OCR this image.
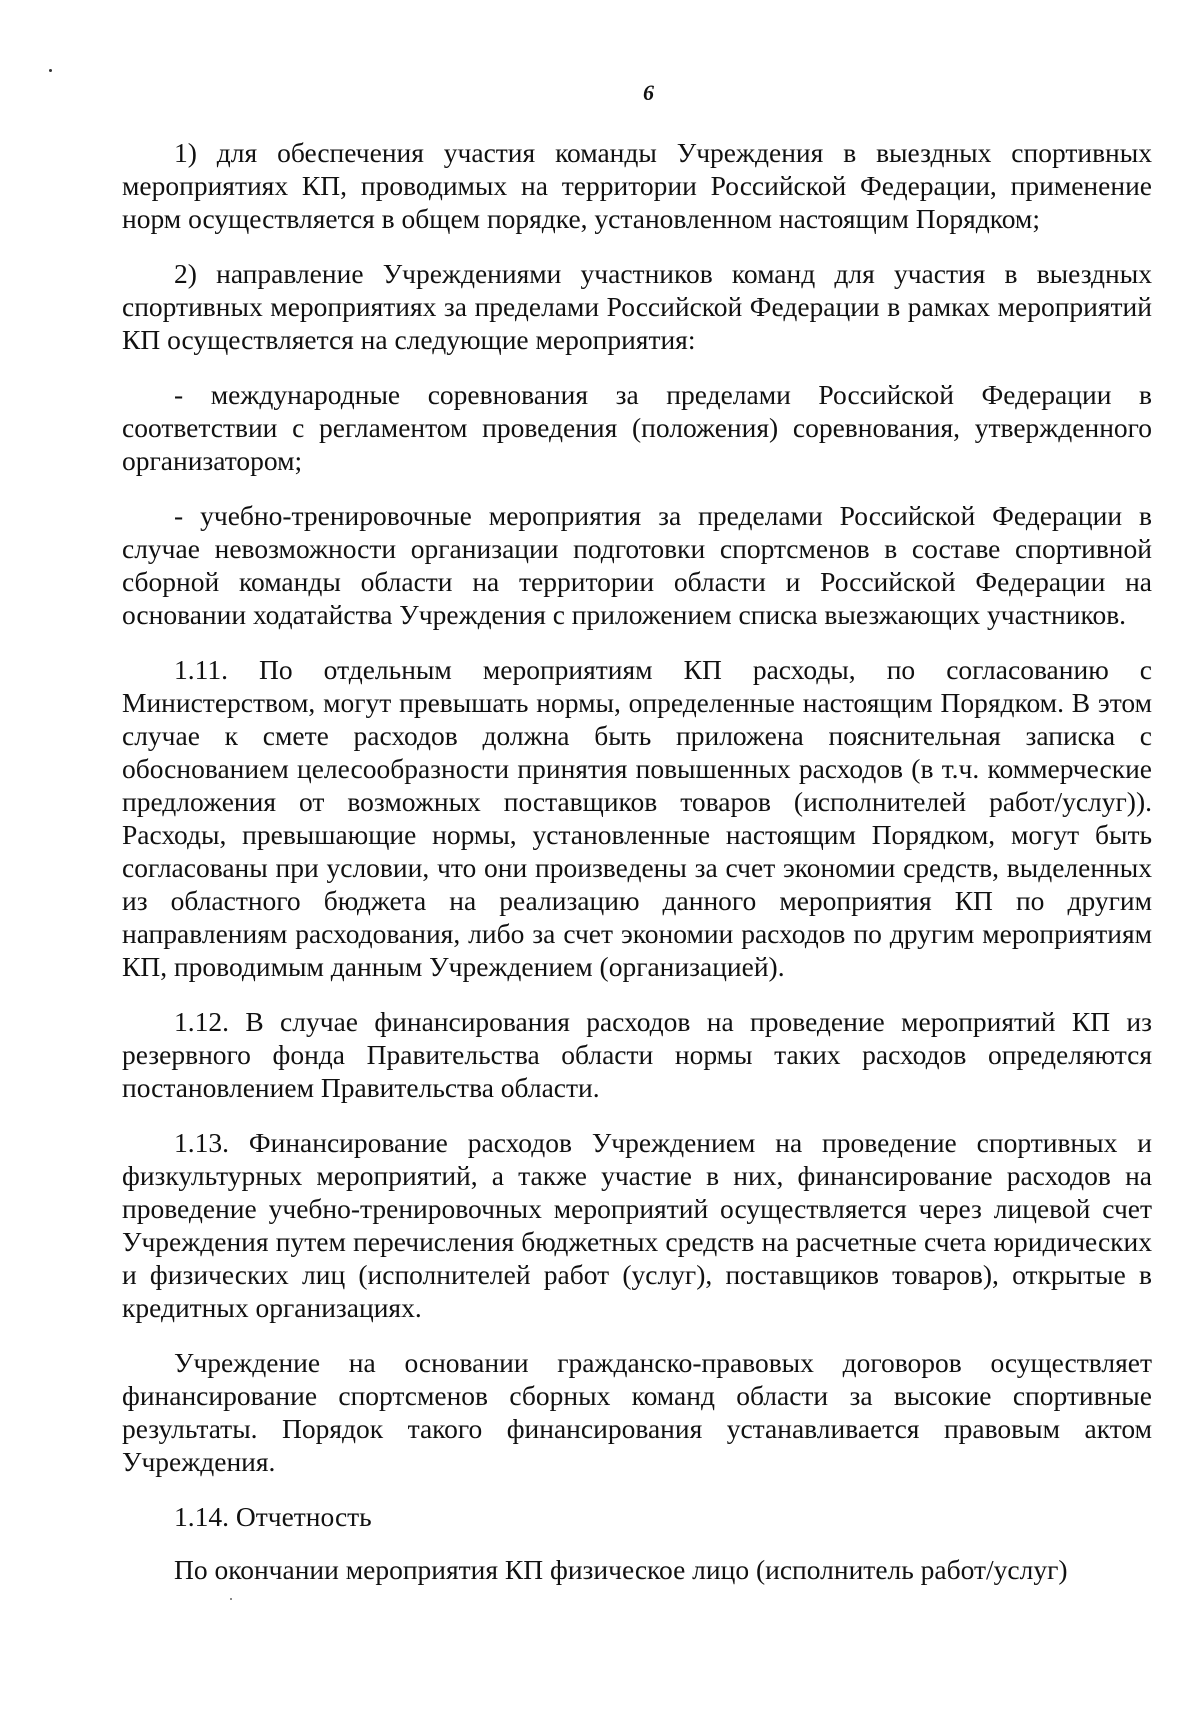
6

1) для обеспечения участия команды Учреждения в выездных спортивных мероприятиях КП, проводимых на территории Российской Федерации, применение норм осуществляется в общем порядке, установленном настоящим Порядком;

2) направление Учреждениями участников команд для участия в выездных спортивных мероприятиях за пределами Российской Федерации в рамках мероприятий КП осуществляется на следующие мероприятия:

- международные соревнования за пределами Российской Федерации в соответствии с регламентом проведения (положения) соревнования, утвержденного организатором;

- учебно-тренировочные мероприятия за пределами Российской Федерации в случае невозможности организации подготовки спортсменов в составе спортивной сборной команды области на территории области и Российской Федерации на основании ходатайства Учреждения с приложением списка выезжающих участников.

1.11. По отдельным мероприятиям КП расходы, по согласованию с Министерством, могут превышать нормы, определенные настоящим Порядком. В этом случае к смете расходов должна быть приложена пояснительная записка с обоснованием целесообразности принятия повышенных расходов (в т.ч. коммерческие предложения от возможных поставщиков товаров (исполнителей работ/услуг)). Расходы, превышающие нормы, установленные настоящим Порядком, могут быть согласованы при условии, что они произведены за счет экономии средств, выделенных из областного бюджета на реализацию данного мероприятия КП по другим направлениям расходования, либо за счет экономии расходов по другим мероприятиям КП, проводимым данным Учреждением (организацией).

1.12. В случае финансирования расходов на проведение мероприятий КП из резервного фонда Правительства области нормы таких расходов определяются постановлением Правительства области.

1.13. Финансирование расходов Учреждением на проведение спортивных и физкультурных мероприятий, а также участие в них, финансирование расходов на проведение учебно-тренировочных мероприятий осуществляется через лицевой счет Учреждения путем перечисления бюджетных средств на расчетные счета юридических и физических лиц (исполнителей работ (услуг), поставщиков товаров), открытые в кредитных организациях.

Учреждение на основании гражданско-правовых договоров осуществляет финансирование спортсменов сборных команд области за высокие спортивные результаты. Порядок такого финансирования устанавливается правовым актом Учреждения.

1.14. Отчетность

По окончании мероприятия КП физическое лицо (исполнитель работ/услуг)
